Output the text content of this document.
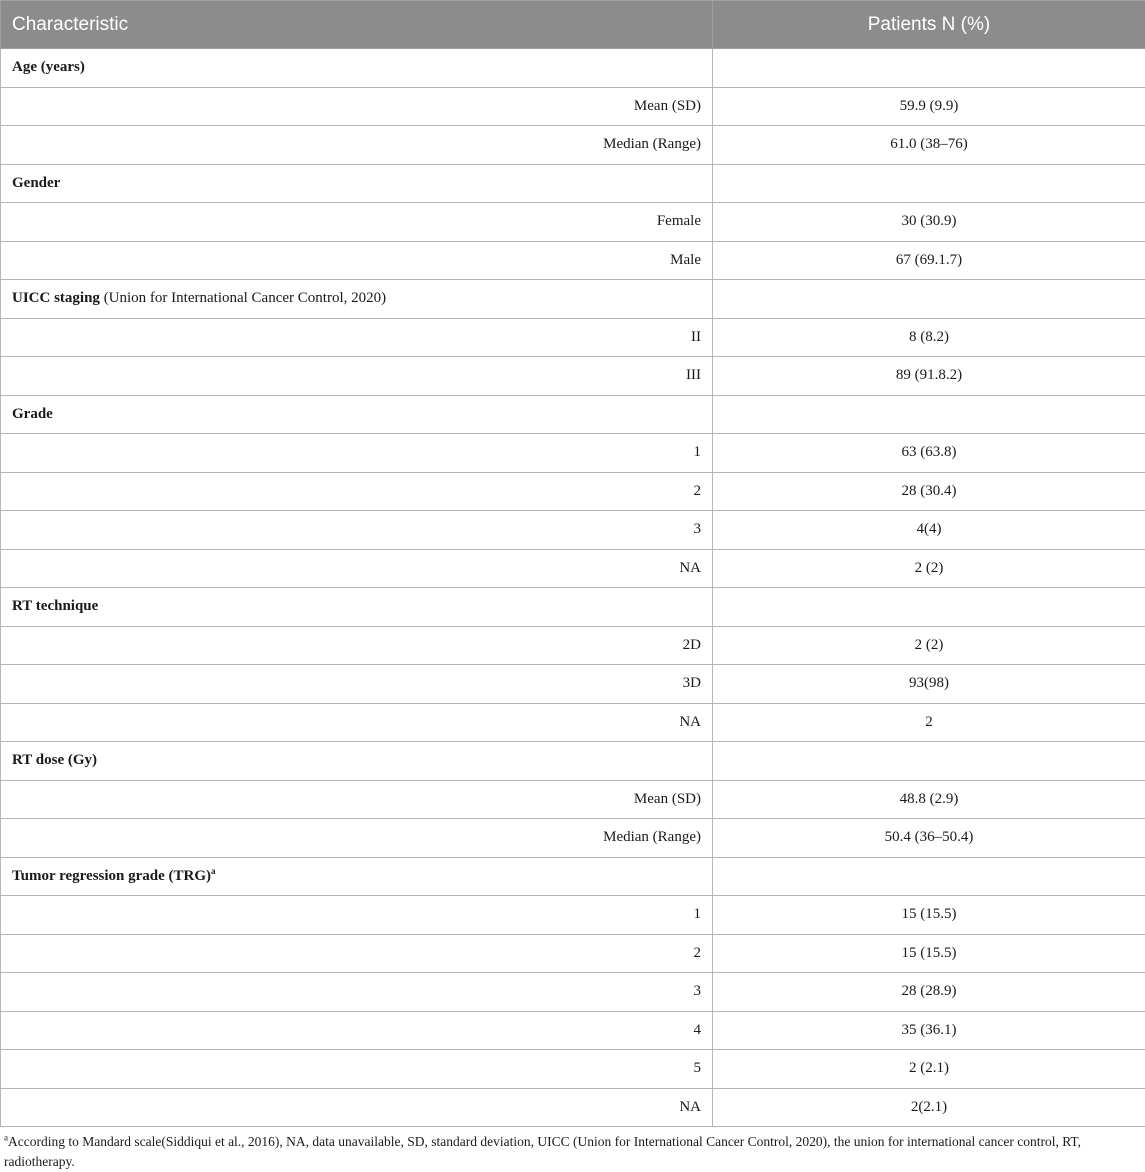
Characteristic	Patients N (%)
Age (years)	
Mean (SD)	59.9 (9.9)
Median (Range)	61.0 (38–76)
Gender	
Female	30 (30.9)
Male	67 (69.1.7)
UICC staging (Union for International Cancer Control, 2020)	
II	8 (8.2)
III	89 (91.8.2)
Grade	
1	63 (63.8)
2	28 (30.4)
3	4(4)
NA	2 (2)
RT technique	
2D	2 (2)
3D	93(98)
NA	2
RT dose (Gy)	
Mean (SD)	48.8 (2.9)
Median (Range)	50.4 (36–50.4)
Tumor regression grade (TRG)$^a$	
1	15 (15.5)
2	15 (15.5)
3	28 (28.9)
4	35 (36.1)
5	2 (2.1)
NA	2(2.1)

$^a$According to Mandard scale(Siddiqui et al., 2016), NA, data unavailable, SD, standard deviation, UICC (Union for International Cancer Control, 2020), the union for international cancer control, RT, radiotherapy.
